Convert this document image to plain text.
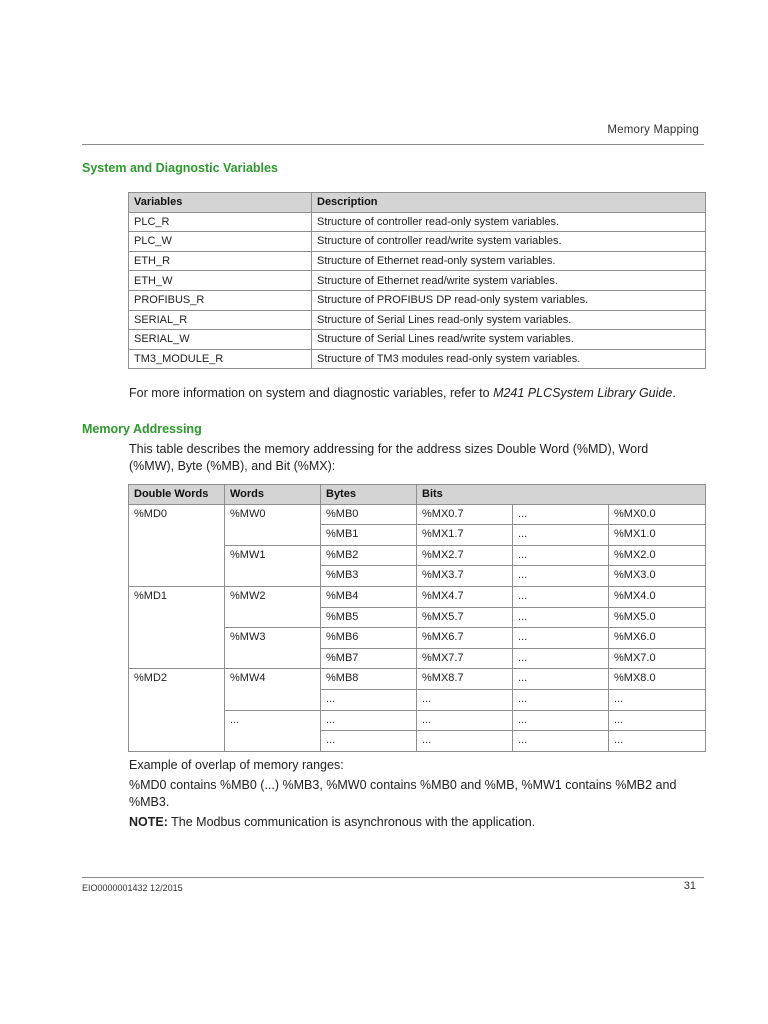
Memory Mapping
System and Diagnostic Variables
Variables	Description
PLC_R	Structure of controller read-only system variables.
PLC_W	Structure of controller read/write system variables.
ETH_R	Structure of Ethernet read-only system variables.
ETH_W	Structure of Ethernet read/write system variables.
PROFIBUS_R	Structure of PROFIBUS DP read-only system variables.
SERIAL_R	Structure of Serial Lines read-only system variables.
SERIAL_W	Structure of Serial Lines read/write system variables.
TM3_MODULE_R	Structure of TM3 modules read-only system variables.
For more information on system and diagnostic variables, refer to M241 PLCSystem Library Guide.
Memory Addressing
This table describes the memory addressing for the address sizes Double Word (%MD), Word
(%MW), Byte (%MB), and Bit (%MX):
Double Words	Words	Bytes	Bits		
%MD0	%MW0	%MB0	%MX0.7	...	%MX0.0
		%MB1	%MX1.7	...	%MX1.0
	%MW1	%MB2	%MX2.7	...	%MX2.0
		%MB3	%MX3.7	...	%MX3.0
%MD1	%MW2	%MB4	%MX4.7	...	%MX4.0
		%MB5	%MX5.7	...	%MX5.0
	%MW3	%MB6	%MX6.7	...	%MX6.0
		%MB7	%MX7.7	...	%MX7.0
%MD2	%MW4	%MB8	%MX8.7	...	%MX8.0
		...	...	...	...
	...	...	...	...	...
		...	...	...	...
Example of overlap of memory ranges:
%MD0 contains %MB0 (...) %MB3, %MW0 contains %MB0 and %MB, %MW1 contains %MB2 and
%MB3.
NOTE: The Modbus communication is asynchronous with the application.
EIO0000001432 12/2015	31
